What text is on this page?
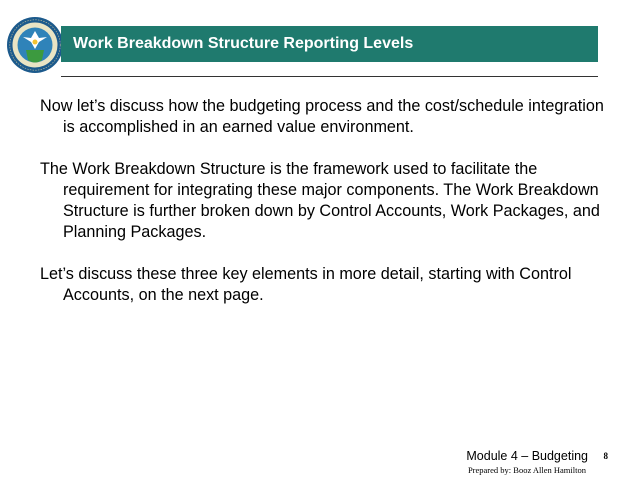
Work Breakdown Structure Reporting Levels

Now let’s discuss how the budgeting process and the cost/schedule integration is accomplished in an earned value environment.

The Work Breakdown Structure is the framework used to facilitate the requirement for integrating these major components. The Work Breakdown Structure is further broken down by Control Accounts, Work Packages, and Planning Packages.

Let’s discuss these three key elements in more detail, starting with Control Accounts, on the next page.

Module 4 – Budgeting 8
Prepared by: Booz Allen Hamilton
